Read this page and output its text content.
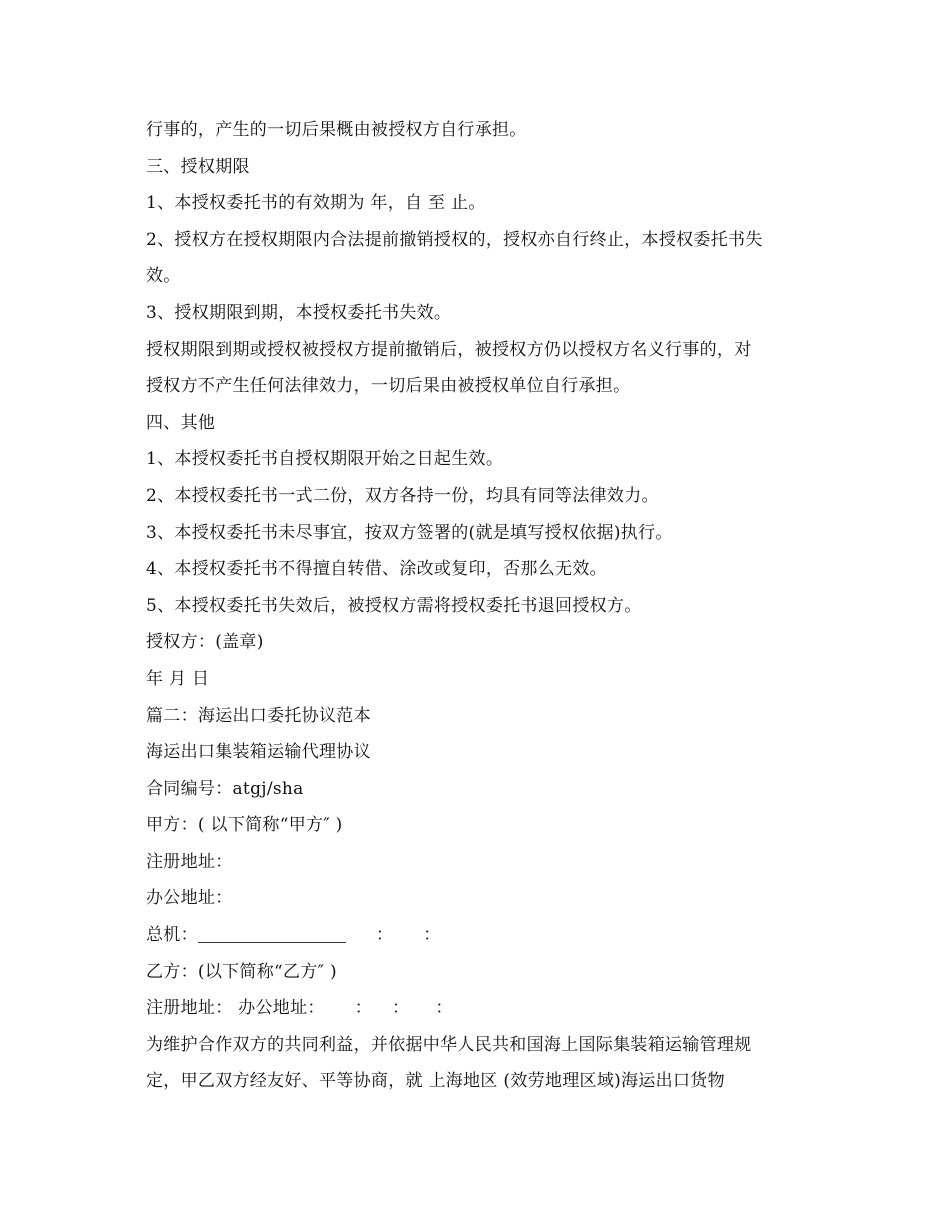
行事的，产生的一切后果概由被授权方自行承担。
三、授权期限
1、本授权委托书的有效期为 年，自 至 止。
2、授权方在授权期限内合法提前撤销授权的，授权亦自行终止，本授权委托书失
效。
3、授权期限到期，本授权委托书失效。
授权期限到期或授权被授权方提前撤销后，被授权方仍以授权方名义行事的，对
授权方不产生任何法律效力，一切后果由被授权单位自行承担。
四、其他
1、本授权委托书自授权期限开始之日起生效。
2、本授权委托书一式二份，双方各持一份，均具有同等法律效力。
3、本授权委托书未尽事宜，按双方签署的(就是填写授权依据)执行。
4、本授权委托书不得擅自转借、涂改或复印，否那么无效。
5、本授权委托书失效后，被授权方需将授权委托书退回授权方。
授权方：(盖章)
年 月 日
篇二：海运出口委托协议范本
海运出口集装箱运输代理协议
合同编号：atgj/sha
甲方：( 以下简称“甲方″ )
注册地址：
办公地址：
总机：	： ：
乙方：(以下简称“乙方″ )
注册地址： 办公地址： ： ： ：
为维护合作双方的共同利益，并依据中华人民共和国海上国际集装箱运输管理规
定，甲乙双方经友好、平等协商，就 上海地区 (效劳地理区域)海运出口货物
